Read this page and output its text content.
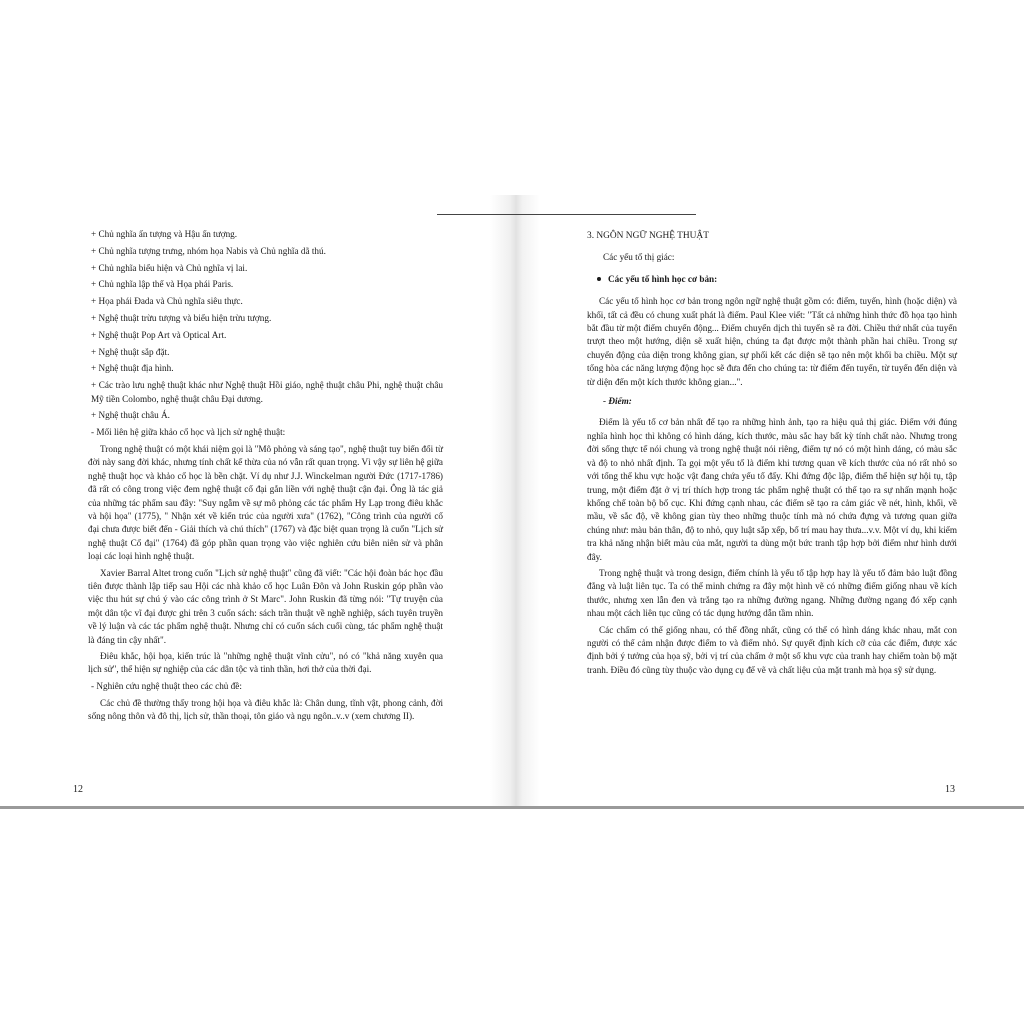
+ Chủ nghĩa ấn tượng và Hậu ấn tượng.

+ Chủ nghĩa tượng trưng, nhóm họa Nabis và Chủ nghĩa dã thú.

+ Chủ nghĩa biểu hiện và Chủ nghĩa vị lai.

+ Chủ nghĩa lập thể và Họa phái Paris.

+ Họa phái Đada và Chủ nghĩa siêu thực.

+ Nghệ thuật trừu tượng và biểu hiện trừu tượng.

+ Nghệ thuật Pop Art và Optical Art.

+ Nghệ thuật sắp đặt.

+ Nghệ thuật địa hình.

+ Các trào lưu nghệ thuật khác như Nghệ thuật Hồi giáo, nghệ thuật châu Phi, nghệ thuật châu Mỹ tiền Colombo, nghệ thuật châu Đại dương.

+ Nghệ thuật châu Á.

- Mối liên hệ giữa khảo cổ học và lịch sử nghệ thuật:

Trong nghệ thuật có một khái niệm gọi là "Mô phỏng và sáng tạo", nghệ thuật tuy biến đổi từ đời này sang đời khác, nhưng tính chất kế thừa của nó vẫn rất quan trọng. Vì vậy sự liên hệ giữa nghệ thuật học và khảo cổ học là bền chặt. Ví dụ như J.J. Winckelman người Đức (1717-1786) đã rất có công trong việc đem nghệ thuật cổ đại gắn liền với nghệ thuật cận đại. Ông là tác giả của những tác phẩm sau đây: "Suy ngẫm về sự mô phỏng các tác phẩm Hy Lạp trong điêu khắc và hội họa" (1775), " Nhận xét về kiến trúc của người xưa" (1762), "Công trình của người cổ đại chưa được biết đến - Giải thích và chú thích" (1767) và đặc biệt quan trọng là cuốn "Lịch sử nghệ thuật Cổ đại" (1764) đã góp phần quan trọng vào việc nghiên cứu biên niên sử và phân loại các loại hình nghệ thuật.

Xavier Barral Altet trong cuốn "Lịch sử nghệ thuật" cũng đã viết: "Các hội đoàn bác học đầu tiên được thành lập tiếp sau Hội các nhà khảo cổ học Luân Đôn và John Ruskin góp phần vào việc thu hút sự chú ý vào các công trình ở St Marc". John Ruskin đã từng nói: "Tự truyện của một dân tộc vĩ đại được ghi trên 3 cuốn sách: sách trần thuật về nghề nghiệp, sách tuyên truyền về lý luận và các tác phẩm nghệ thuật. Nhưng chỉ có cuốn sách cuối cùng, tác phẩm nghệ thuật là đáng tin cậy nhất".

Điêu khắc, hội họa, kiến trúc là "những nghệ thuật vĩnh cửu", nó có "khả năng xuyên qua lịch sử", thể hiện sự nghiệp của các dân tộc và tinh thần, hơi thở của thời đại.

- Nghiên cứu nghệ thuật theo các chủ đề:

Các chủ đề thường thấy trong hội họa và điêu khắc là: Chân dung, tĩnh vật, phong cảnh, đời sống nông thôn và đô thị, lịch sử, thần thoại, tôn giáo và ngụ ngôn..v..v (xem chương II).

3. NGÔN NGỮ NGHỆ THUẬT

Các yếu tố thị giác:

Các yếu tố hình học cơ bản:

Các yếu tố hình học cơ bản trong ngôn ngữ nghệ thuật gồm có: điểm, tuyến, hình (hoặc diện) và khối, tất cả đều có chung xuất phát là điểm. Paul Klee viết: "Tất cả những hình thức đồ họa tạo hình bắt đầu từ một điểm chuyển động... Điểm chuyển dịch thì tuyến sẽ ra đời. Chiều thứ nhất của tuyến trượt theo một hướng, diện sẽ xuất hiện, chúng ta đạt được một thành phần hai chiều. Trong sự chuyển động của diện trong không gian, sự phối kết các diện sẽ tạo nên một khối ba chiều. Một sự tổng hòa các năng lượng động học sẽ đưa đến cho chúng ta: từ điểm đến tuyến, từ tuyến đến diện và từ diện đến một kích thước không gian...".

- Điểm:

Điểm là yếu tố cơ bản nhất để tạo ra những hình ảnh, tạo ra hiệu quả thị giác. Điểm với đúng nghĩa hình học thì không có hình dáng, kích thước, màu sắc hay bất kỳ tính chất nào. Nhưng trong đời sống thực tế nói chung và trong nghệ thuật nói riêng, điểm tự nó có một hình dáng, có màu sắc và độ to nhỏ nhất định. Ta gọi một yếu tố là điểm khi tương quan về kích thước của nó rất nhỏ so với tổng thể khu vực hoặc vật đang chứa yếu tố đấy. Khi đứng độc lập, điểm thể hiện sự hội tụ, tập trung, một điểm đặt ở vị trí thích hợp trong tác phẩm nghệ thuật có thể tạo ra sự nhấn mạnh hoặc khống chế toàn bộ bố cục. Khi đứng cạnh nhau, các điểm sẽ tạo ra cảm giác về nét, hình, khối, về mầu, về sắc độ, về không gian tùy theo những thuộc tính mà nó chứa đựng và tương quan giữa chúng như: màu bản thân, độ to nhỏ, quy luật sắp xếp, bố trí mau hay thưa...v.v. Một ví dụ, khi kiểm tra khả năng nhận biết màu của mắt, người ta dùng một bức tranh tập hợp bởi điểm như hình dưới đây.

Trong nghệ thuật và trong design, điểm chính là yếu tố tập hợp hay là yếu tố đảm bảo luật đồng đẳng và luật liên tục. Ta có thể minh chứng ra đây một hình vẽ có những điểm giống nhau về kích thước, nhưng xen lẫn đen và trắng tạo ra những đường ngang. Những đường ngang đó xếp cạnh nhau một cách liên tục cũng có tác dụng hướng dẫn tầm nhìn.

Các chấm có thể giống nhau, có thể đồng nhất, cũng có thể có hình dáng khác nhau, mắt con người có thể cảm nhận được điểm to và điểm nhỏ. Sự quyết định kích cỡ của các điểm, được xác định bởi ý tưởng của họa sỹ, bởi vị trí của chấm ở một số khu vực của tranh hay chiếm toàn bộ mặt tranh. Điều đó cũng tùy thuộc vào dụng cụ để vẽ và chất liệu của mặt tranh mà họa sỹ sử dụng.

12	13
